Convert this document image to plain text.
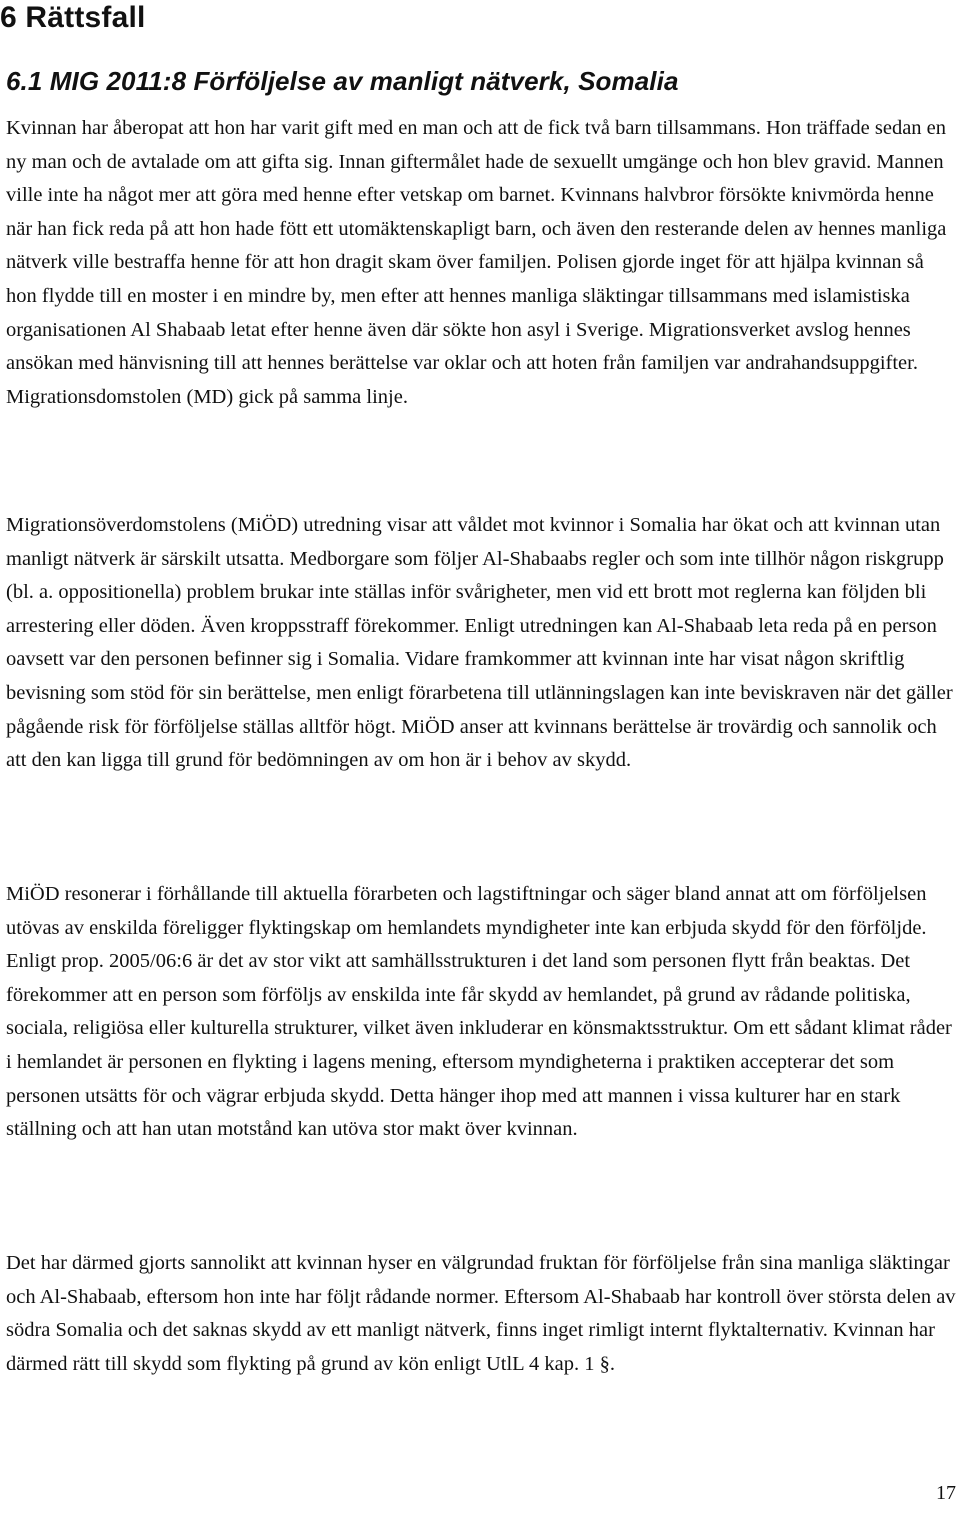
6 Rättsfall
6.1 MIG 2011:8 Förföljelse av manligt nätverk, Somalia

Kvinnan har åberopat att hon har varit gift med en man och att de fick två barn tillsammans. Hon träffade sedan en ny man och de avtalade om att gifta sig. Innan giftermålet hade de sexuellt umgänge och hon blev gravid. Mannen ville inte ha något mer att göra med henne efter vetskap om barnet. Kvinnans halvbror försökte knivmörda henne när han fick reda på att hon hade fött ett utomäktenskapligt barn, och även den resterande delen av hennes manliga nätverk ville bestraffa henne för att hon dragit skam över familjen. Polisen gjorde inget för att hjälpa kvinnan så hon flydde till en moster i en mindre by, men efter att hennes manliga släktingar tillsammans med islamistiska organisationen Al Shabaab letat efter henne även där sökte hon asyl i Sverige. Migrationsverket avslog hennes ansökan med hänvisning till att hennes berättelse var oklar och att hoten från familjen var andrahandsuppgifter. Migrationsdomstolen (MD) gick på samma linje.

Migrationsöverdomstolens (MiÖD) utredning visar att våldet mot kvinnor i Somalia har ökat och att kvinnan utan manligt nätverk är särskilt utsatta. Medborgare som följer Al-Shabaabs regler och som inte tillhör någon riskgrupp (bl. a. oppositionella) problem brukar inte ställas inför svårigheter, men vid ett brott mot reglerna kan följden bli arrestering eller döden. Även kroppsstraff förekommer. Enligt utredningen kan Al-Shabaab leta reda på en person oavsett var den personen befinner sig i Somalia. Vidare framkommer att kvinnan inte har visat någon skriftlig bevisning som stöd för sin berättelse, men enligt förarbetena till utlänningslagen kan inte beviskraven när det gäller pågående risk för förföljelse ställas alltför högt. MiÖD anser att kvinnans berättelse är trovärdig och sannolik och att den kan ligga till grund för bedömningen av om hon är i behov av skydd.

MiÖD resonerar i förhållande till aktuella förarbeten och lagstiftningar och säger bland annat att om förföljelsen utövas av enskilda föreligger flyktingskap om hemlandets myndigheter inte kan erbjuda skydd för den förföljde. Enligt prop. 2005/06:6 är det av stor vikt att samhällsstrukturen i det land som personen flytt från beaktas. Det förekommer att en person som förföljs av enskilda inte får skydd av hemlandet, på grund av rådande politiska, sociala, religiösa eller kulturella strukturer, vilket även inkluderar en könsmaktsstruktur. Om ett sådant klimat råder i hemlandet är personen en flykting i lagens mening, eftersom myndigheterna i praktiken accepterar det som personen utsätts för och vägrar erbjuda skydd. Detta hänger ihop med att mannen i vissa kulturer har en stark ställning och att han utan motstånd kan utöva stor makt över kvinnan.

Det har därmed gjorts sannolikt att kvinnan hyser en välgrundad fruktan för förföljelse från sina manliga släktingar och Al-Shabaab, eftersom hon inte har följt rådande normer. Eftersom Al-Shabaab har kontroll över största delen av södra Somalia och det saknas skydd av ett manligt nätverk, finns inget rimligt internt flyktalternativ. Kvinnan har därmed rätt till skydd som flykting på grund av kön enligt UtlL 4 kap. 1 §.

17
